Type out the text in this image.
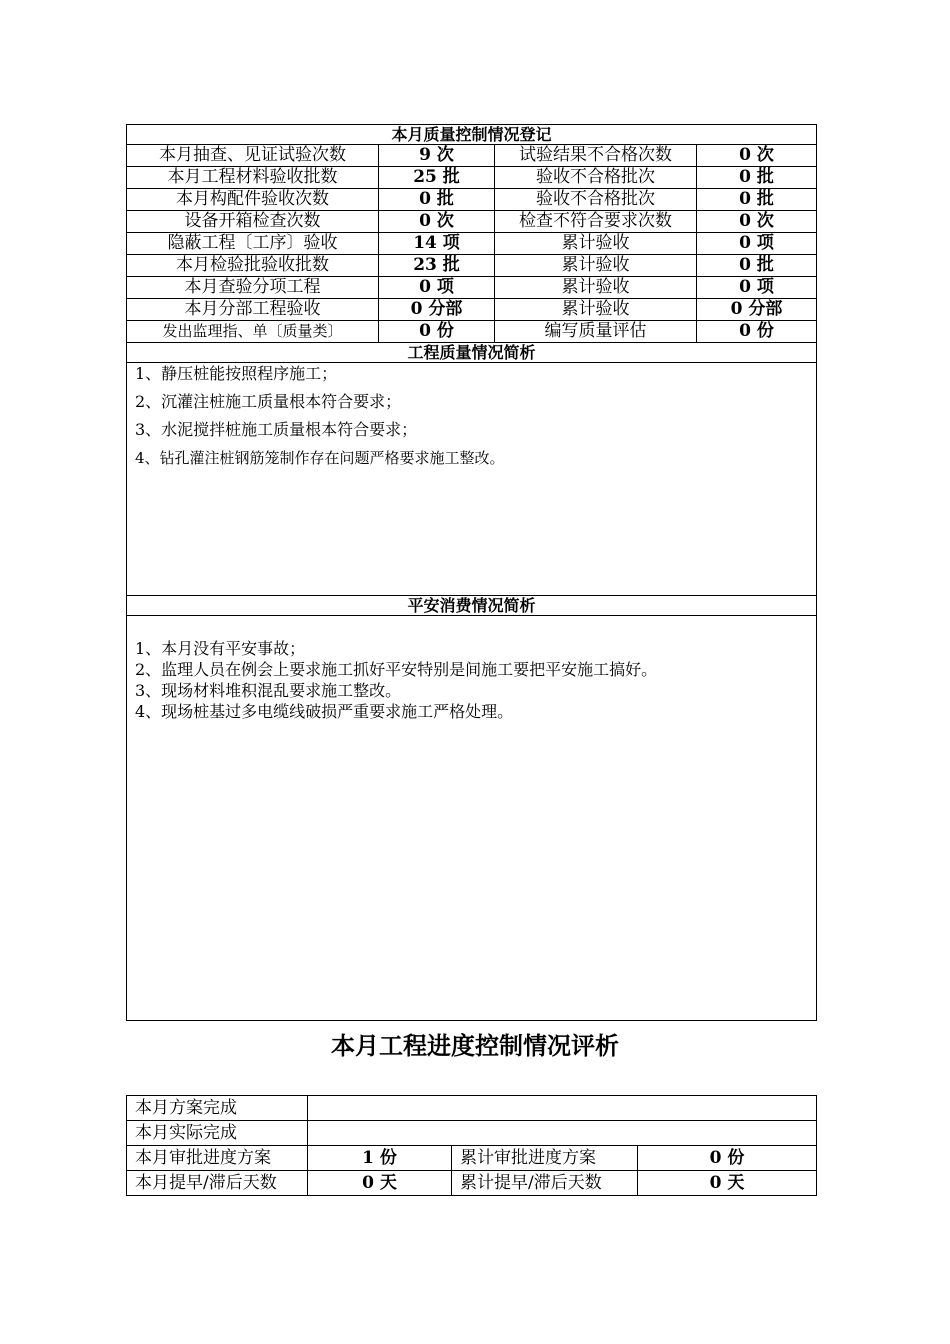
本月质量控制情况登记			
本月抽查、见证试验次数	9 次	试验结果不合格次数	0 次
本月工程材料验收批数	25 批	验收不合格批次	0 批
本月构配件验收次数	0 批	验收不合格批次	0 批
设备开箱检查次数	0 次	检查不符合要求次数	0 次
隐蔽工程〔工序〕验收	14 项	累计验收	0 项
本月检验批验收批数	23 批	累计验收	0 批
本月查验分项工程	0 项	累计验收	0 项
本月分部工程验收	0 分部	累计验收	0 分部
发出监理指、单〔质量类〕	0 份	编写质量评估	0 份
工程质量情况简析			

1、静压桩能按照程序施工；
2、沉灌注桩施工质量根本符合要求；
3、水泥搅拌桩施工质量根本符合要求；
4、钻孔灌注桩钢筋笼制作存在问题严格要求施工整改。			

平安消费情况简析			

1、本月没有平安事故；
2、监理人员在例会上要求施工抓好平安特别是间施工要把平安施工搞好。
3、现场材料堆积混乱要求施工整改。
4、现场桩基过多电缆线破损严重要求施工严格处理。			
本月工程进度控制情况评析
本月方案完成			
本月实际完成			
本月审批进度方案	1 份	累计审批进度方案	0 份
本月提早/滞后天数	0 天	累计提早/滞后天数	0 天
